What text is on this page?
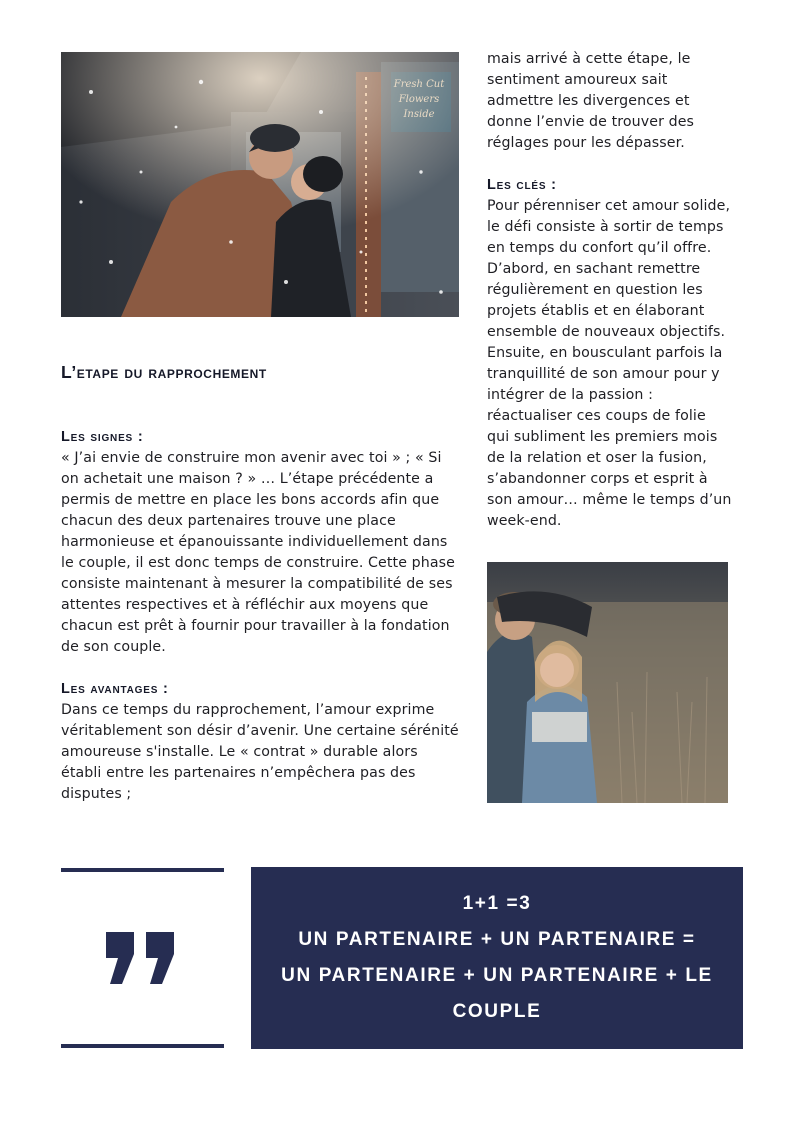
L’etape du rapprochement
Les signes :

« J’ai envie de construire mon avenir avec toi » ; « Si on achetait une maison ? » … L’étape précédente a permis de mettre en place les bons accords afin que chacun des deux partenaires trouve une place harmonieuse et épanouissante individuellement dans le couple, il est donc temps de construire. Cette phase consiste maintenant à mesurer la compatibilité de ses attentes respectives et à réfléchir aux moyens que chacun est prêt à fournir pour travailler à la fondation de son couple.

Les avantages :

Dans ce temps du rapprochement, l’amour exprime véritablement son désir d’avenir. Une certaine sérénité amoureuse s'installe. Le « contrat » durable alors établi entre les partenaires n’empêchera pas des disputes ;

mais arrivé à cette étape, le sentiment amoureux sait admettre les divergences et donne l’envie de trouver des réglages pour les dépasser.

Les clés :

Pour pérenniser cet amour solide, le défi consiste à sortir de temps en temps du confort qu’il offre. D’abord, en sachant remettre régulièrement en question les projets établis et en élaborant ensemble de nouveaux objectifs. Ensuite, en bousculant parfois la tranquillité de son amour pour y intégrer de la passion : réactualiser ces coups de folie qui subliment les premiers mois de la relation et oser la fusion, s’abandonner corps et esprit à son amour… même le temps d’un week-end.

1+1 =3
UN PARTENAIRE + UN PARTENAIRE =
UN PARTENAIRE + UN PARTENAIRE + LE COUPLE
